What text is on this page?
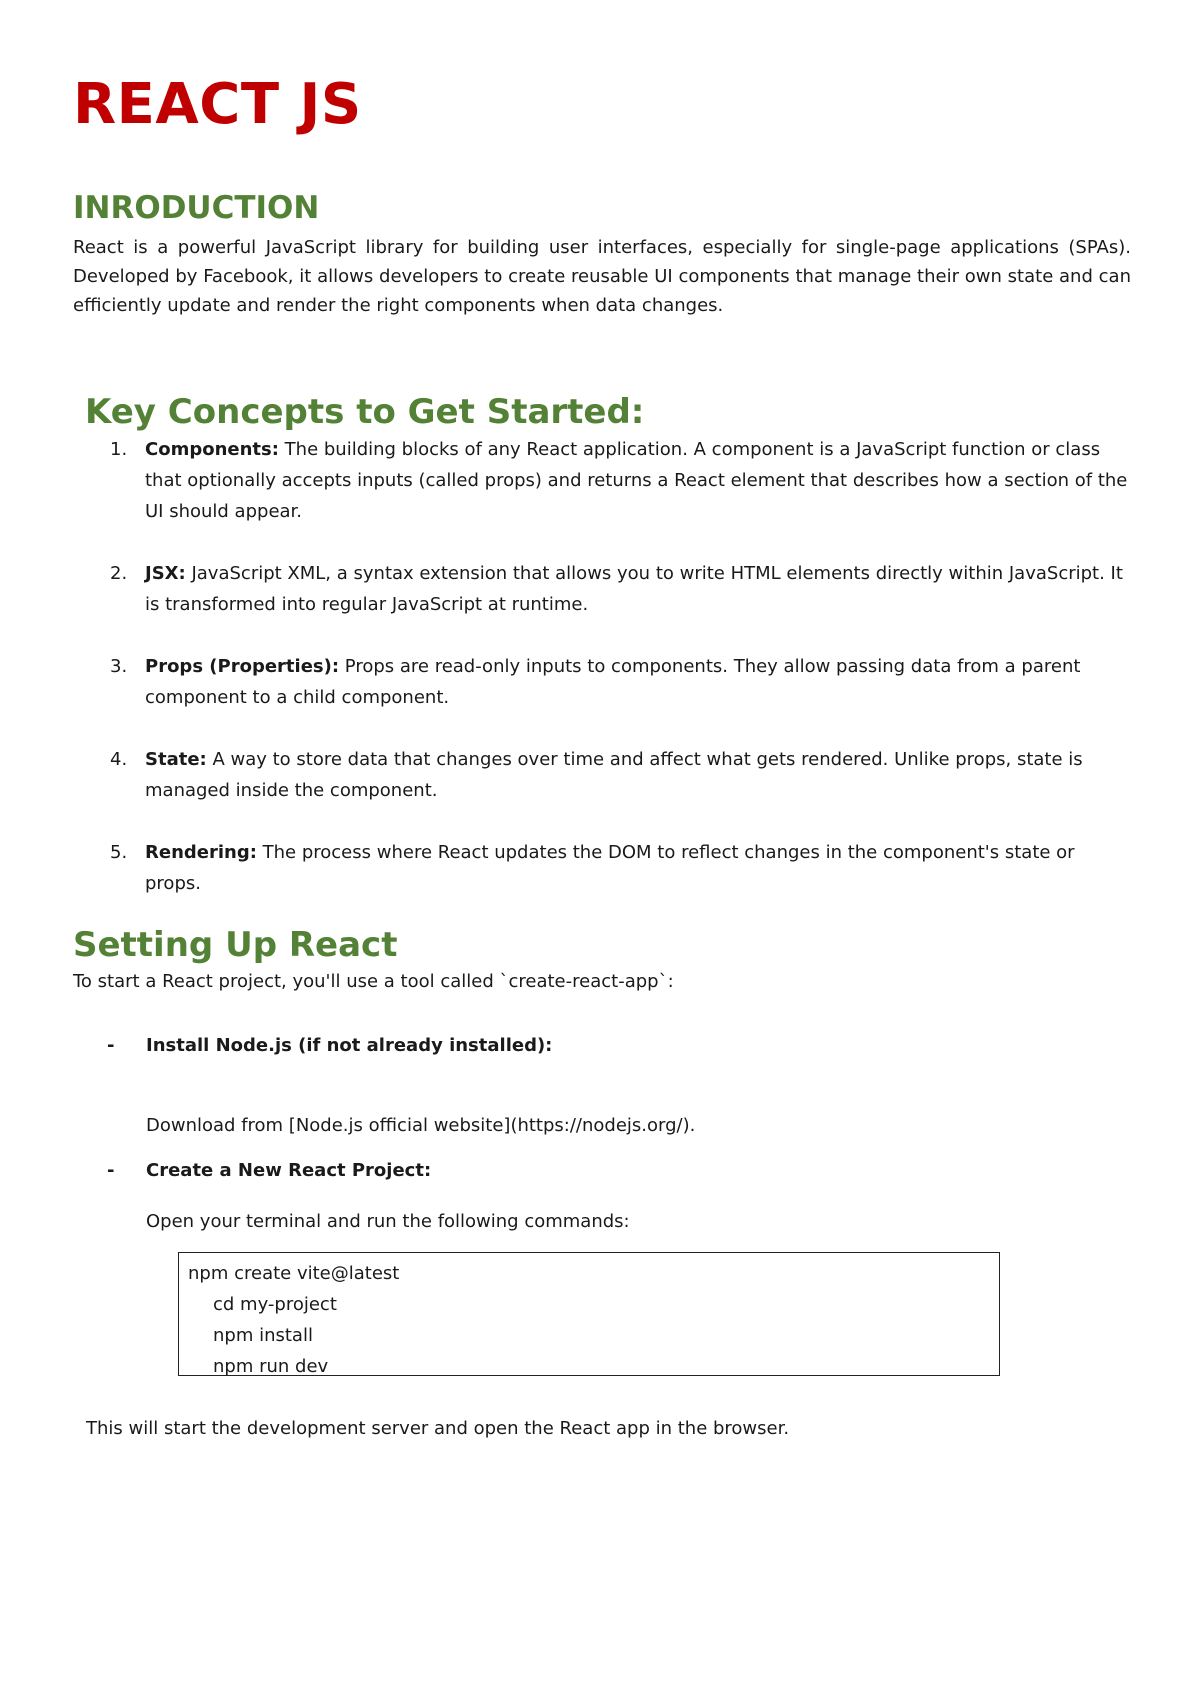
REACT JS
INRODUCTION

React is a powerful JavaScript library for building user interfaces, especially for single-page applications (SPAs). Developed by Facebook, it allows developers to create reusable UI components that manage their own state and can efficiently update and render the right components when data changes.

Key Concepts to Get Started:
1. Components: The building blocks of any React application. A component is a JavaScript function or class that optionally accepts inputs (called props) and returns a React element that describes how a section of the UI should appear.
2. JSX: JavaScript XML, a syntax extension that allows you to write HTML elements directly within JavaScript. It is transformed into regular JavaScript at runtime.
3. Props (Properties): Props are read-only inputs to components. They allow passing data from a parent component to a child component.
4. State: A way to store data that changes over time and affect what gets rendered. Unlike props, state is managed inside the component.
5. Rendering: The process where React updates the DOM to reflect changes in the component's state or props.
Setting Up React

To start a React project, you'll use a tool called `create-react-app`:

- Install Node.js (if not already installed):

Download from [Node.js official website](https://nodejs.org/).

- Create a New React Project:

Open your terminal and run the following commands:

npm create vite@latest
cd my-project
npm install
npm run dev

This will start the development server and open the React app in the browser.
